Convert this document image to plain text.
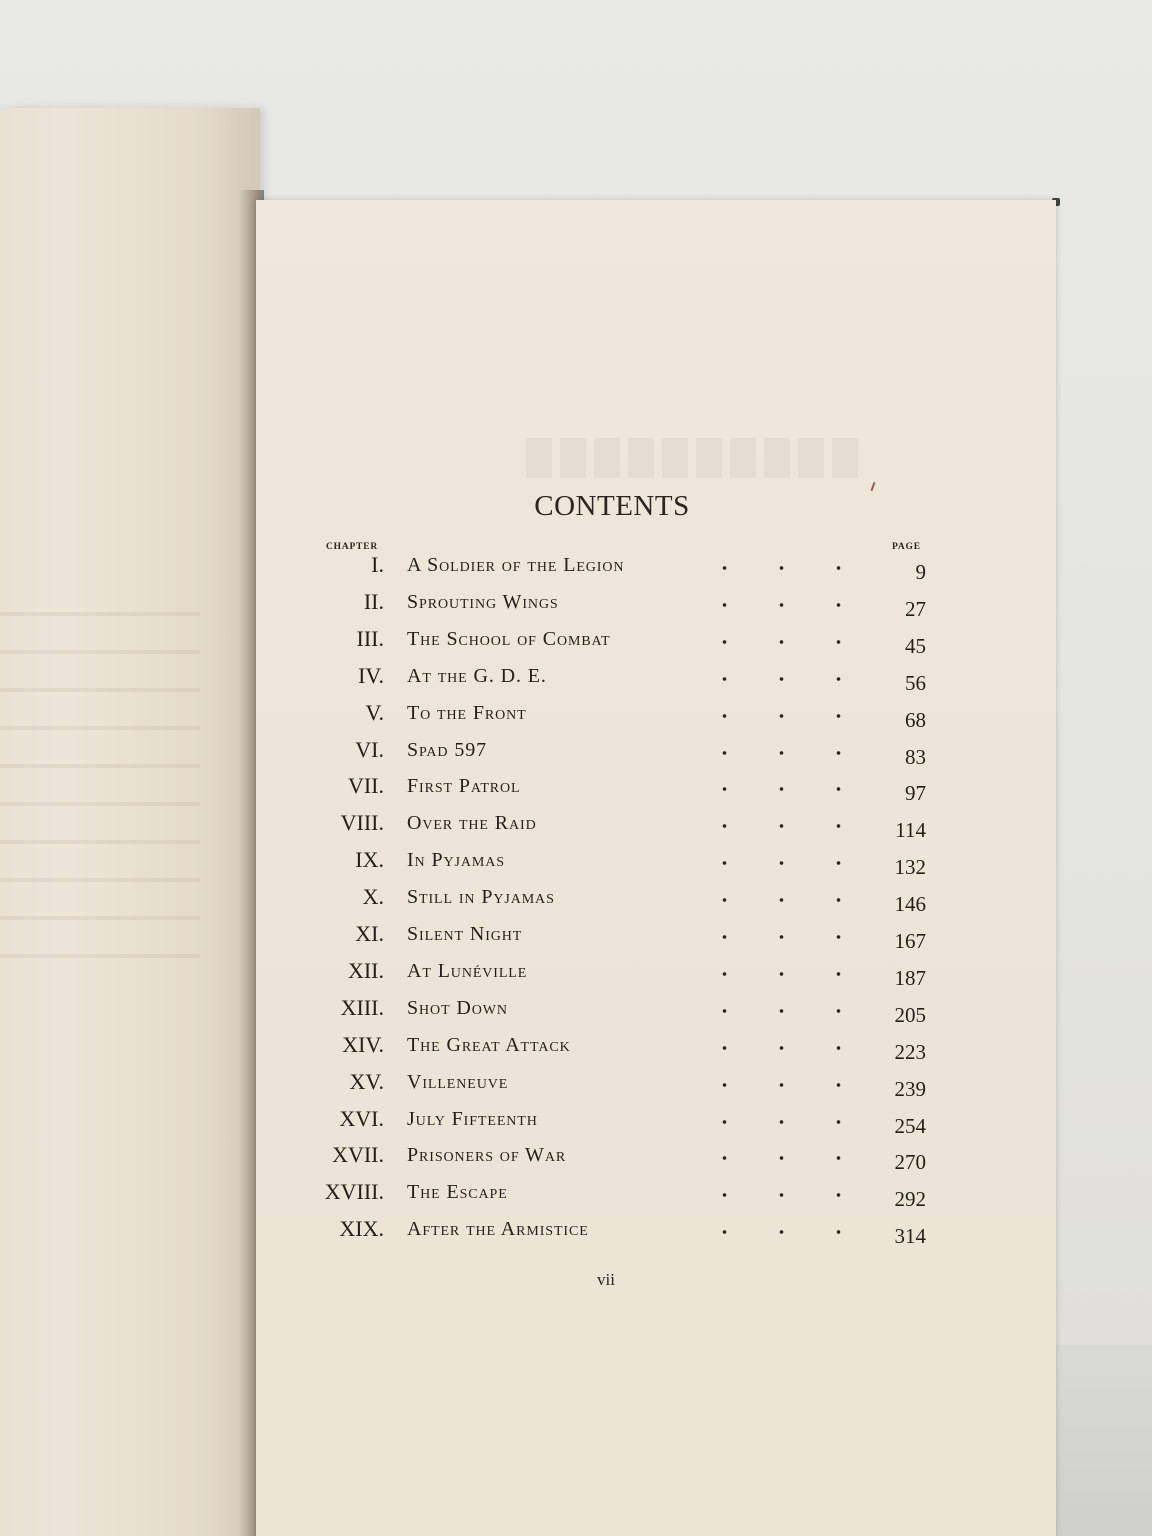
CONTENTS
CHAPTER	PAGE
I. A Soldier of the Legion	9
II. Sprouting Wings	27
III. The School of Combat	45
IV. At the G. D. E.	56
V. To the Front	68
VI. Spad 597	83
VII. First Patrol	97
VIII. Over the Raid	114
IX. In Pyjamas	132
X. Still in Pyjamas	146
XI. Silent Night	167
XII. At Lunéville	187
XIII. Shot Down	205
XIV. The Great Attack	223
XV. Villeneuve	239
XVI. July Fifteenth	254
XVII. Prisoners of War	270
XVIII. The Escape	292
XIX. After the Armistice	314
vii
